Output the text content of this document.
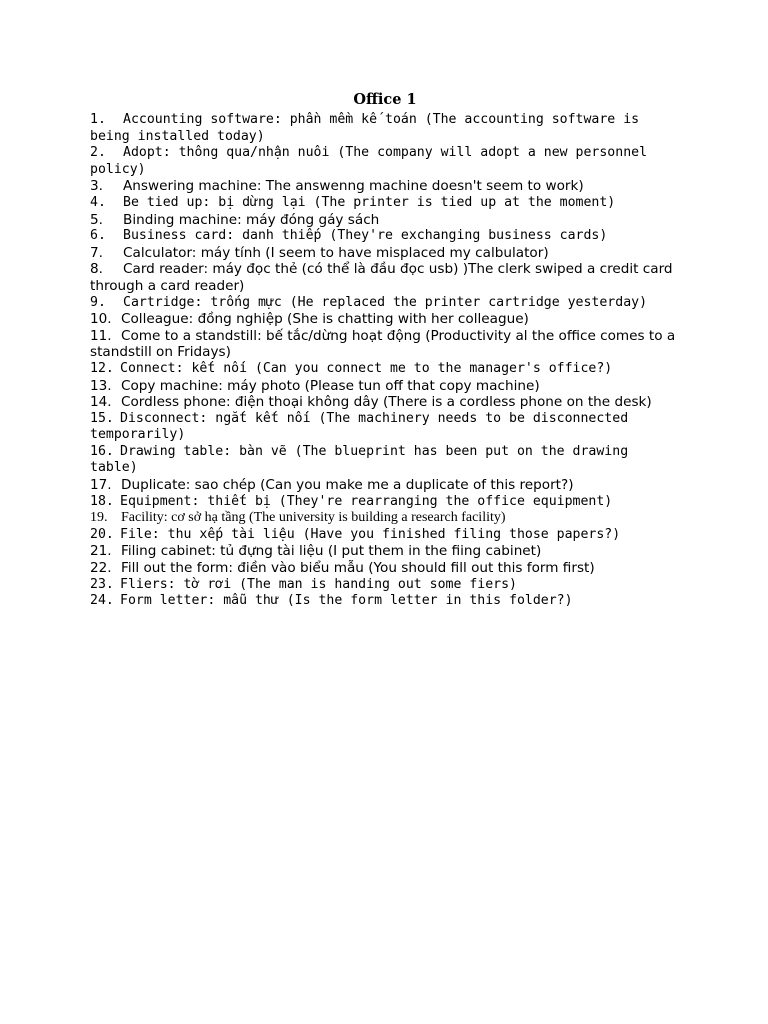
Office 1

1. Accounting software: phần mềm kế toán (The accounting software is being installed today)

2. Adopt: thông qua/nhận nuôi (The company will adopt a new personnel policy)

3. Answering machine: The answenng machine doesn't seem to work)

4. Be tied up: bị dừng lại (The printer is tied up at the moment)

5. Binding machine: máy đóng gáy sách

6. Business card: danh thiếp (They're exchanging business cards)

7. Calculator: máy tính (I seem to have misplaced my calbulator)

8. Card reader: máy đọc thẻ (có thể là đầu đọc usb) )The clerk swiped a credit card through a card reader)

9. Cartridge: trống mực (He replaced the printer cartridge yesterday)

10. Colleague: đồng nghiệp (She is chatting with her colleague)

11. Come to a standstill: bế tắc/dừng hoạt động (Productivity al the office comes to a standstill on Fridays)

12. Connect: kết nối (Can you connect me to the manager's office?)

13. Copy machine: máy photo (Please tun off that copy machine)

14. Cordless phone: điện thoại không dây (There is a cordless phone on the desk)

15. Disconnect: ngắt kết nối (The machinery needs to be disconnected temporarily)

16. Drawing table: bàn vẽ (The blueprint has been put on the drawing table)

17. Duplicate: sao chép (Can you make me a duplicate of this report?)

18. Equipment: thiết bị (They're rearranging the office equipment)

19. Facility: cơ sở hạ tầng (The university is building a research facility)

20. File: thu xếp tài liệu (Have you finished filing those papers?)

21. Filing cabinet: tủ đựng tài liệu (I put them in the fiing cabinet)

22. Fill out the form: điền vào biểu mẫu (You should fill out this form first)

23. Fliers: tờ rơi (The man is handing out some fiers)

24. Form letter: mẫu thư (Is the form letter in this folder?)
